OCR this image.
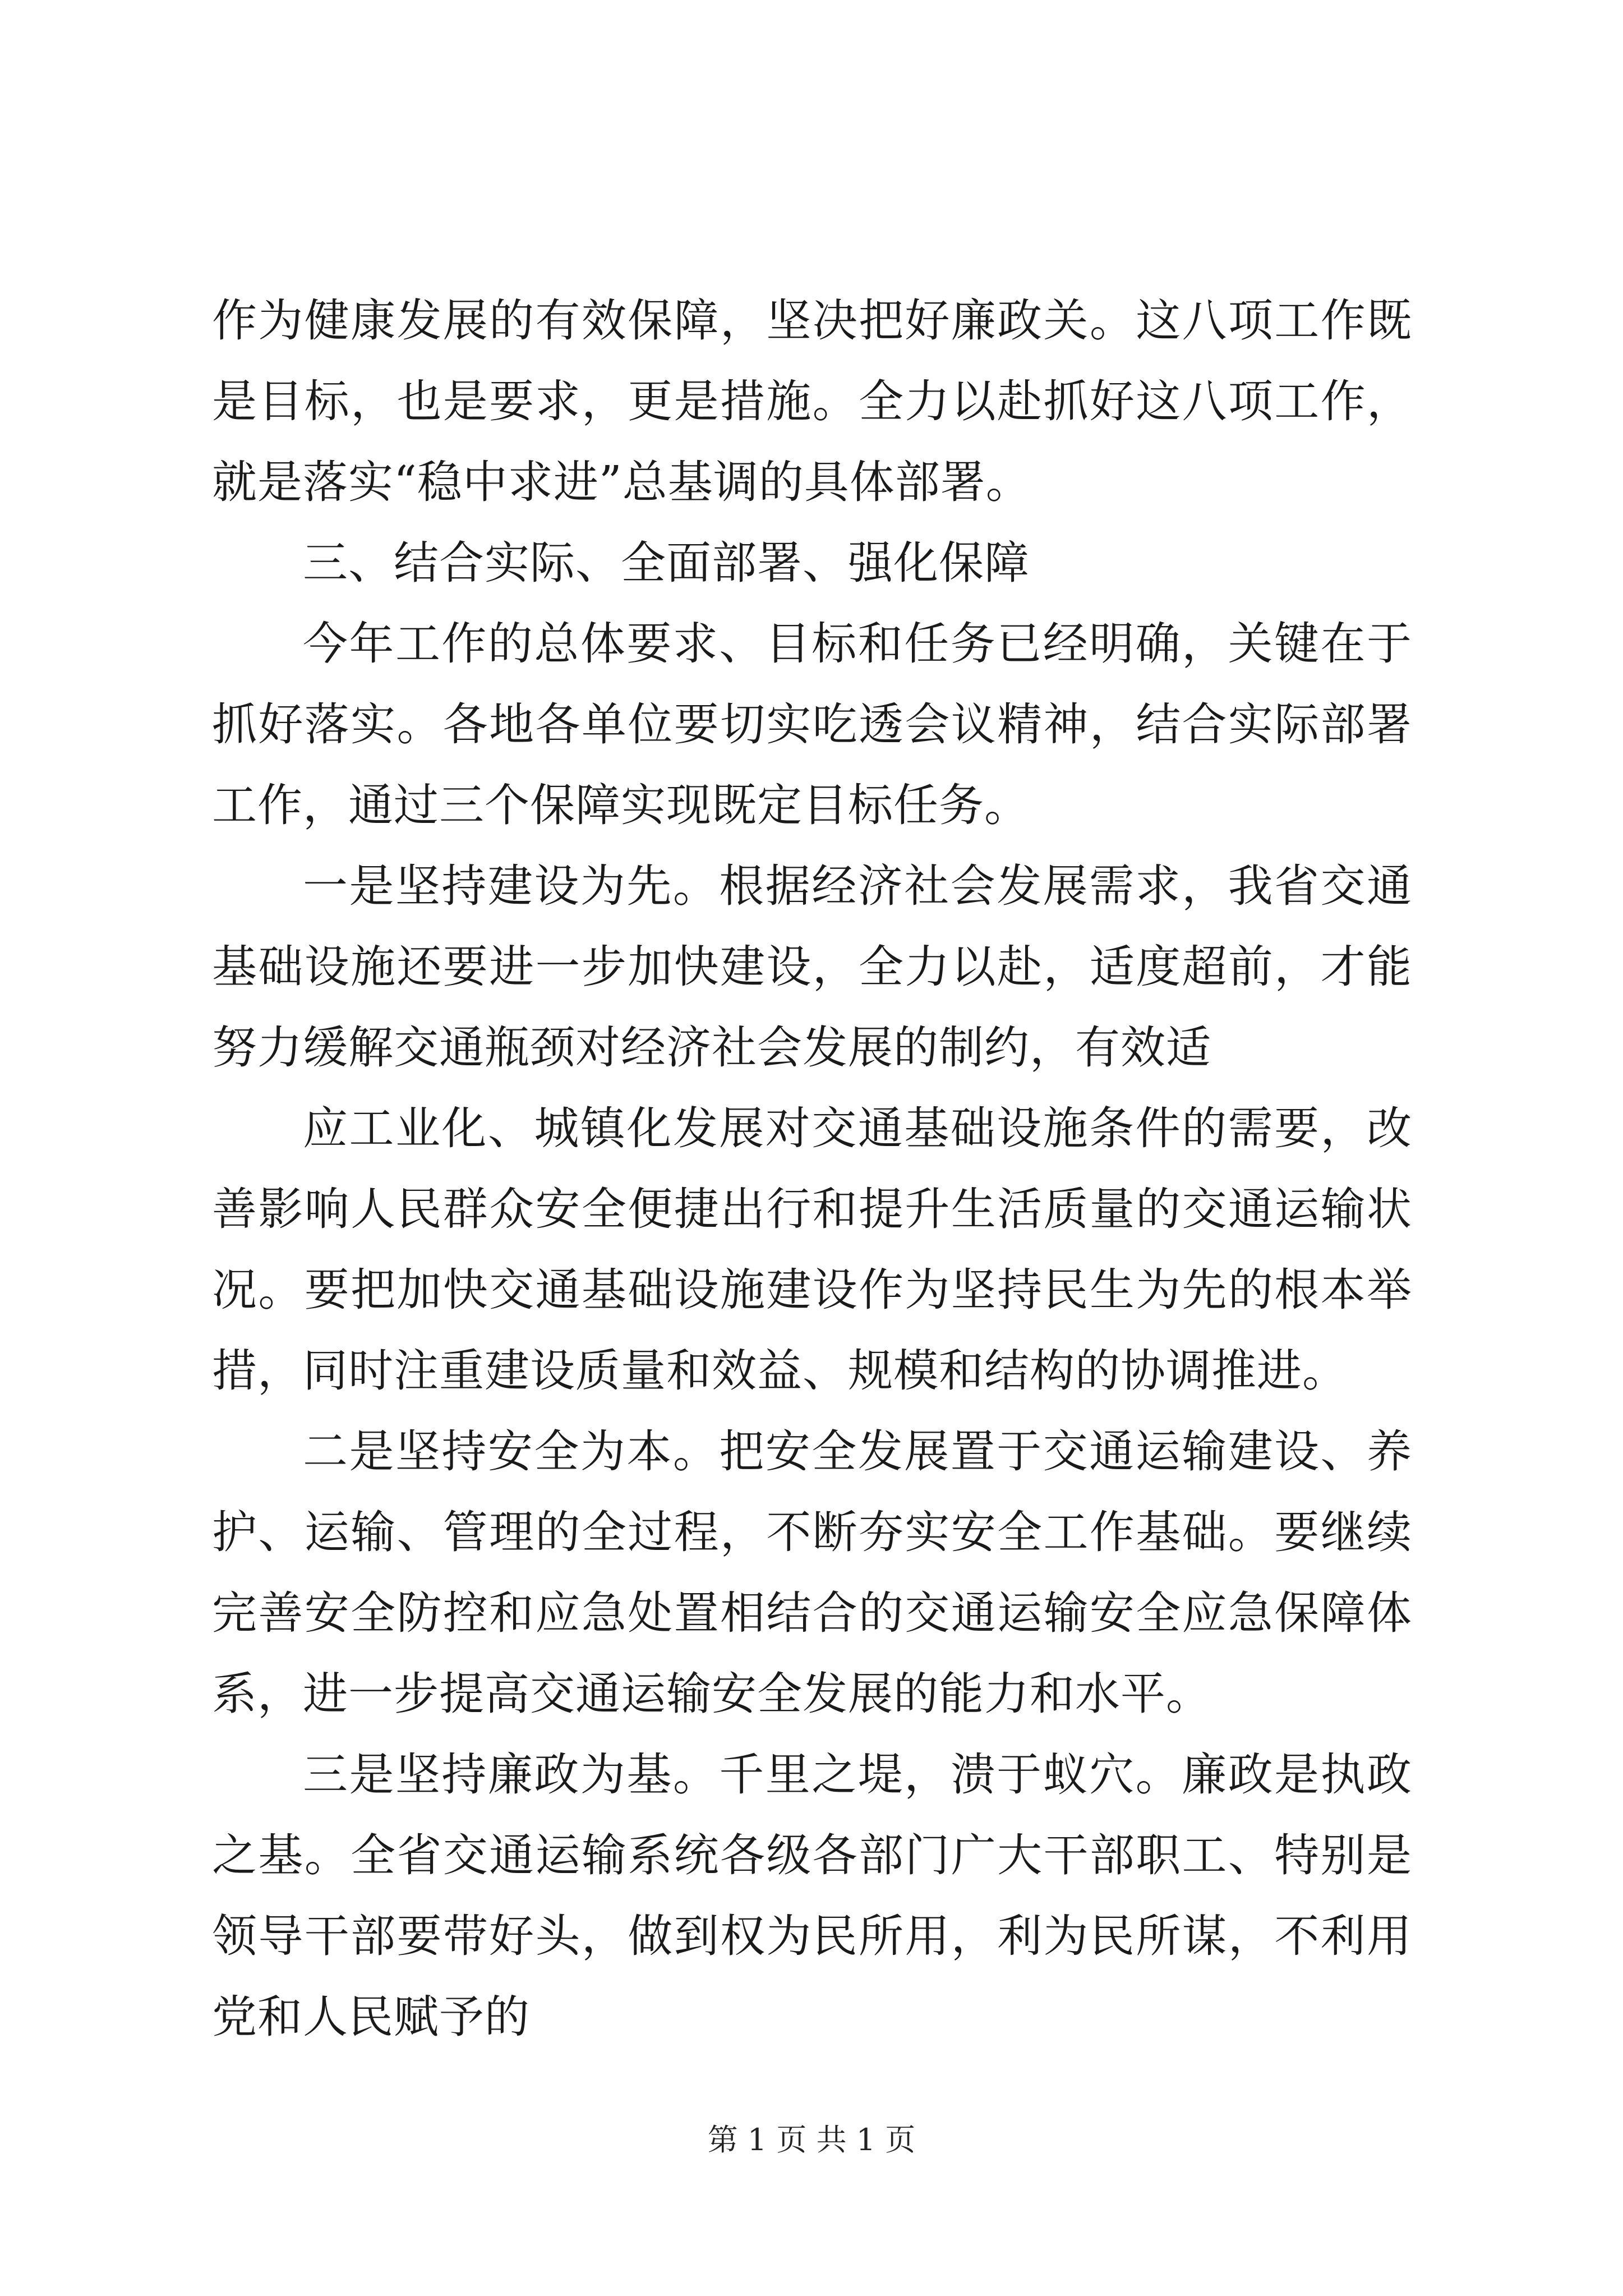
作为健康发展的有效保障，坚决把好廉政关。这八项工作既是目标，也是要求，更是措施。全力以赴抓好这八项工作，就是落实“稳中求进”总基调的具体部署。

三、结合实际、全面部署、强化保障

今年工作的总体要求、目标和任务已经明确，关键在于抓好落实。各地各单位要切实吃透会议精神，结合实际部署工作，通过三个保障实现既定目标任务。

一是坚持建设为先。根据经济社会发展需求，我省交通基础设施还要进一步加快建设，全力以赴，适度超前，才能努力缓解交通瓶颈对经济社会发展的制约，有效适

应工业化、城镇化发展对交通基础设施条件的需要，改善影响人民群众安全便捷出行和提升生活质量的交通运输状况。要把加快交通基础设施建设作为坚持民生为先的根本举措，同时注重建设质量和效益、规模和结构的协调推进。

二是坚持安全为本。把安全发展置于交通运输建设、养护、运输、管理的全过程，不断夯实安全工作基础。要继续完善安全防控和应急处置相结合的交通运输安全应急保障体系，进一步提高交通运输安全发展的能力和水平。

三是坚持廉政为基。千里之堤，溃于蚁穴。廉政是执政之基。全省交通运输系统各级各部门广大干部职工、特别是领导干部要带好头，做到权为民所用，利为民所谋，不利用党和人民赋予的

第 1 页 共 1 页
